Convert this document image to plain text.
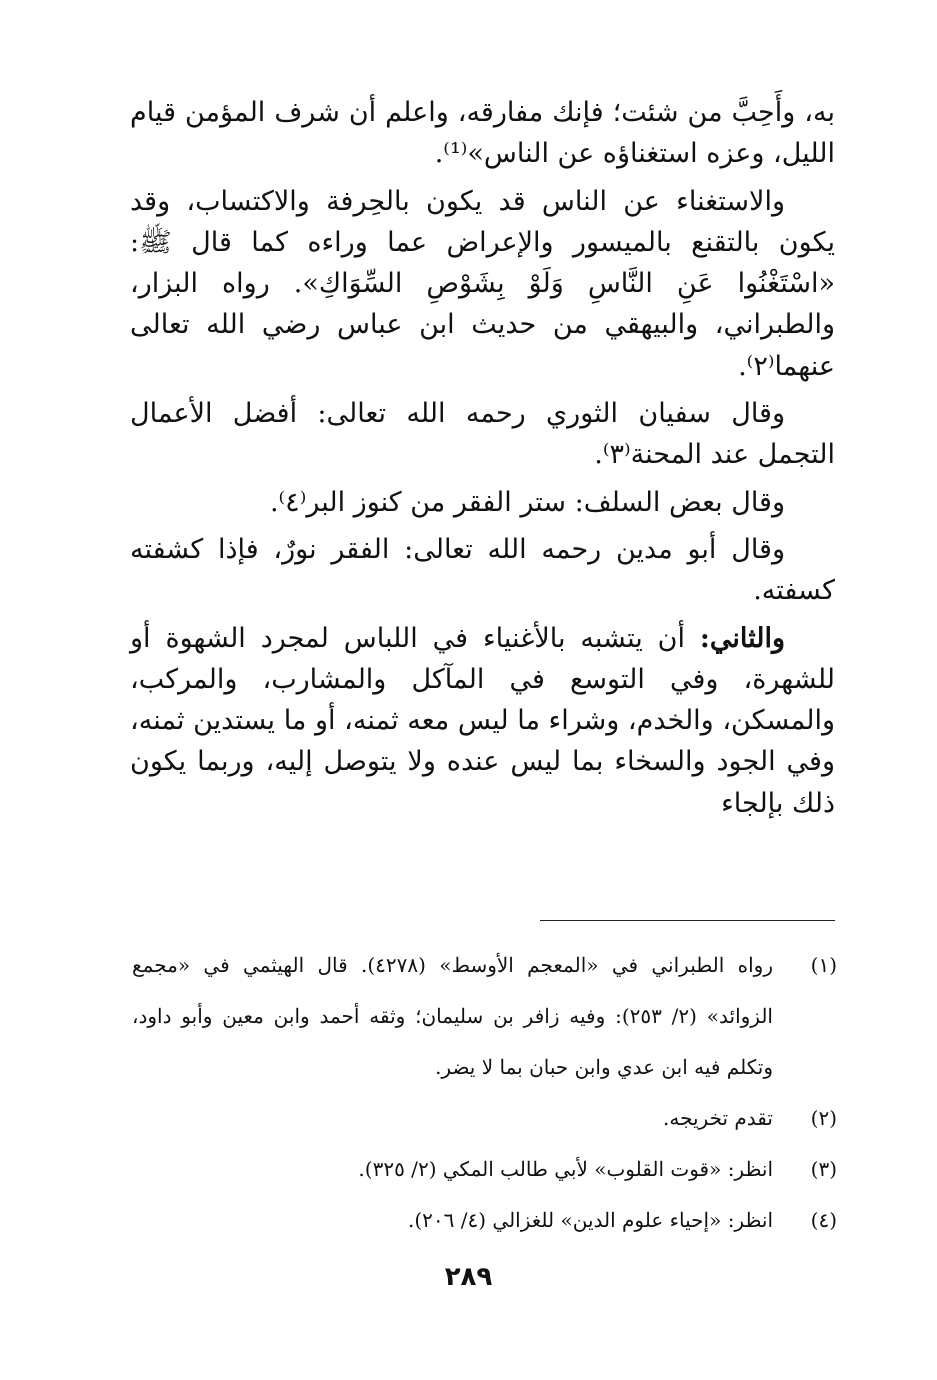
به، وأَحِبَّ من شئت؛ فإنك مفارقه، واعلم أن شرف المؤمن قيام الليل، وعزه استغناؤه عن الناس»⁽¹⁾.

والاستغناء عن الناس قد يكون بالحِرفة والاكتساب، وقد يكون بالتقنع بالميسور والإعراض عما وراءه كما قال ﷺ: «اسْتَغْنُوا عَنِ النَّاسِ وَلَوْ بِشَوْصِ السِّوَاكِ». رواه البزار، والطبراني، والبيهقي من حديث ابن عباس رضي الله تعالى عنهما⁽٢⁾.

وقال سفيان الثوري رحمه الله تعالى: أفضل الأعمال التجمل عند المحنة⁽٣⁾.

وقال بعض السلف: ستر الفقر من كنوز البر⁽٤⁾.

وقال أبو مدين رحمه الله تعالى: الفقر نورٌ، فإذا كشفته كسفته.

والثاني: أن يتشبه بالأغنياء في اللباس لمجرد الشهوة أو للشهرة، وفي التوسع في المآكل والمشارب، والمركب، والمسكن، والخدم، وشراء ما ليس معه ثمنه، أو ما يستدين ثمنه، وفي الجود والسخاء بما ليس عنده ولا يتوصل إليه، وربما يكون ذلك بإلجاء

(١)
رواه الطبراني في «المعجم الأوسط» (٤٢٧٨). قال الهيثمي في «مجمع الزوائد» (٢/ ٢٥٣): وفيه زافر بن سليمان؛ وثقه أحمد وابن معين وأبو داود، وتكلم فيه ابن عدي وابن حبان بما لا يضر.
(٢)
تقدم تخريجه.
(٣)
انظر: «قوت القلوب» لأبي طالب المكي (٢/ ٣٢٥).
(٤)
انظر: «إحياء علوم الدين» للغزالي (٤/ ٢٠٦).
٢٨٩
